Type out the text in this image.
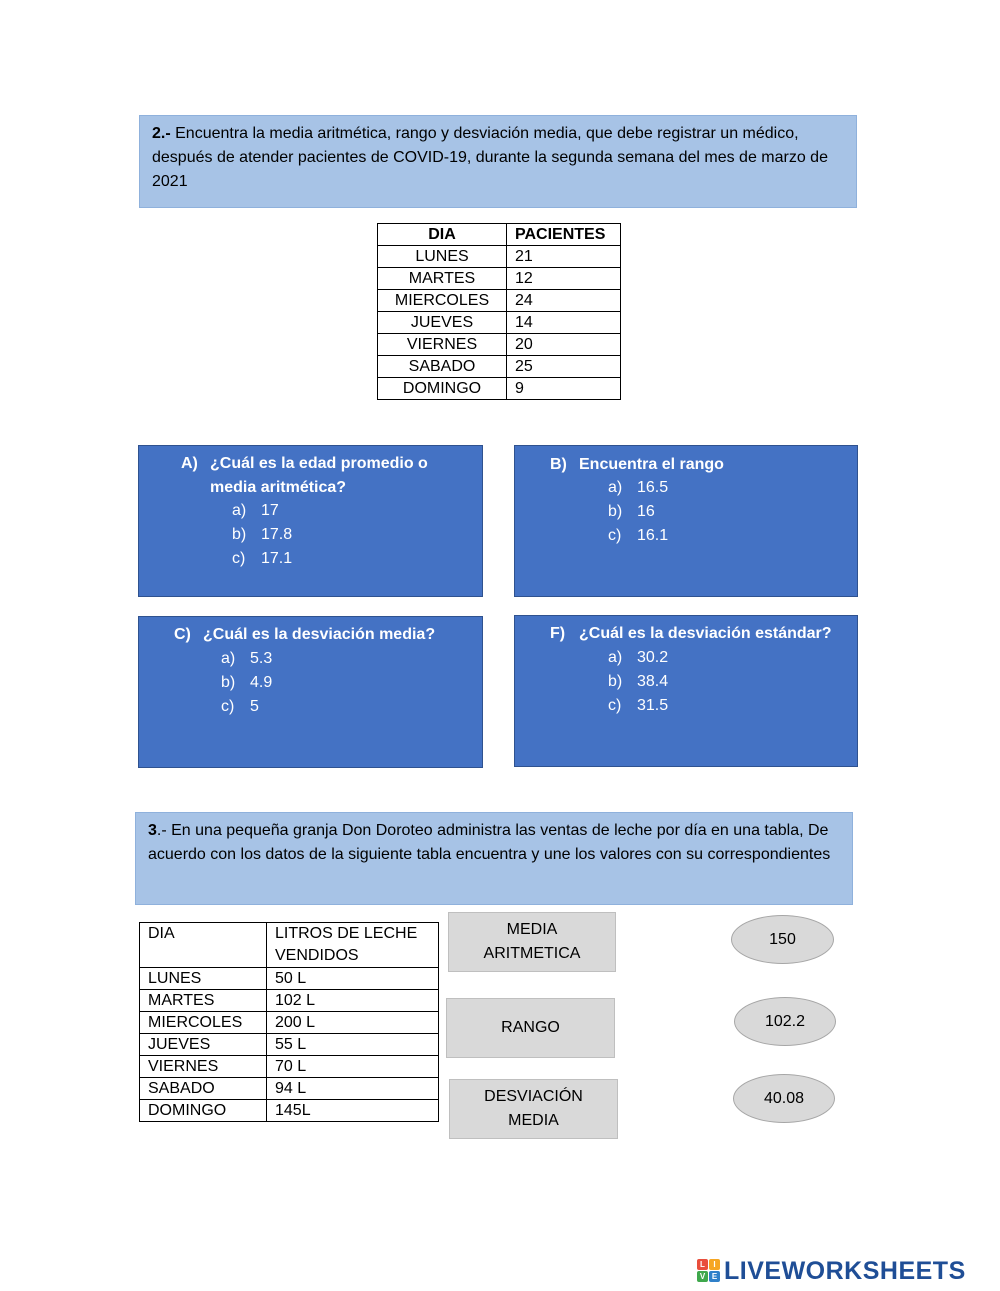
2.- Encuentra la media aritmética, rango y desviación media, que debe registrar un médico, después de atender pacientes de COVID-19, durante la segunda semana del mes de marzo de 2021
DIA	PACIENTES
LUNES	21
MARTES	12
MIERCOLES	24
JUEVES	14
VIERNES	20
SABADO	25
DOMINGO	9
A) ¿Cuál es la edad promedio o media aritmética?
a) 17
b) 17.8
c) 17.1
B) Encuentra el rango
a) 16.5
b) 16
c) 16.1
C) ¿Cuál es la desviación media?
a) 5.3
b) 4.9
c) 5
F) ¿Cuál es la desviación estándar?
a) 30.2
b) 38.4
c) 31.5
3.- En una pequeña granja Don Doroteo administra las ventas de leche por día en una tabla, De acuerdo con los datos de la siguiente tabla encuentra y une los valores con su correspondientes
DIA	LITROS DE LECHE VENDIDOS
LUNES	50 L
MARTES	102 L
MIERCOLES	200 L
JUEVES	55 L
VIERNES	70 L
SABADO	94 L
DOMINGO	145L
MEDIA ARITMETICA
RANGO
DESVIACIÓN MEDIA
150
102.2
40.08
L	I
V E LIVEWORKSHEETS
